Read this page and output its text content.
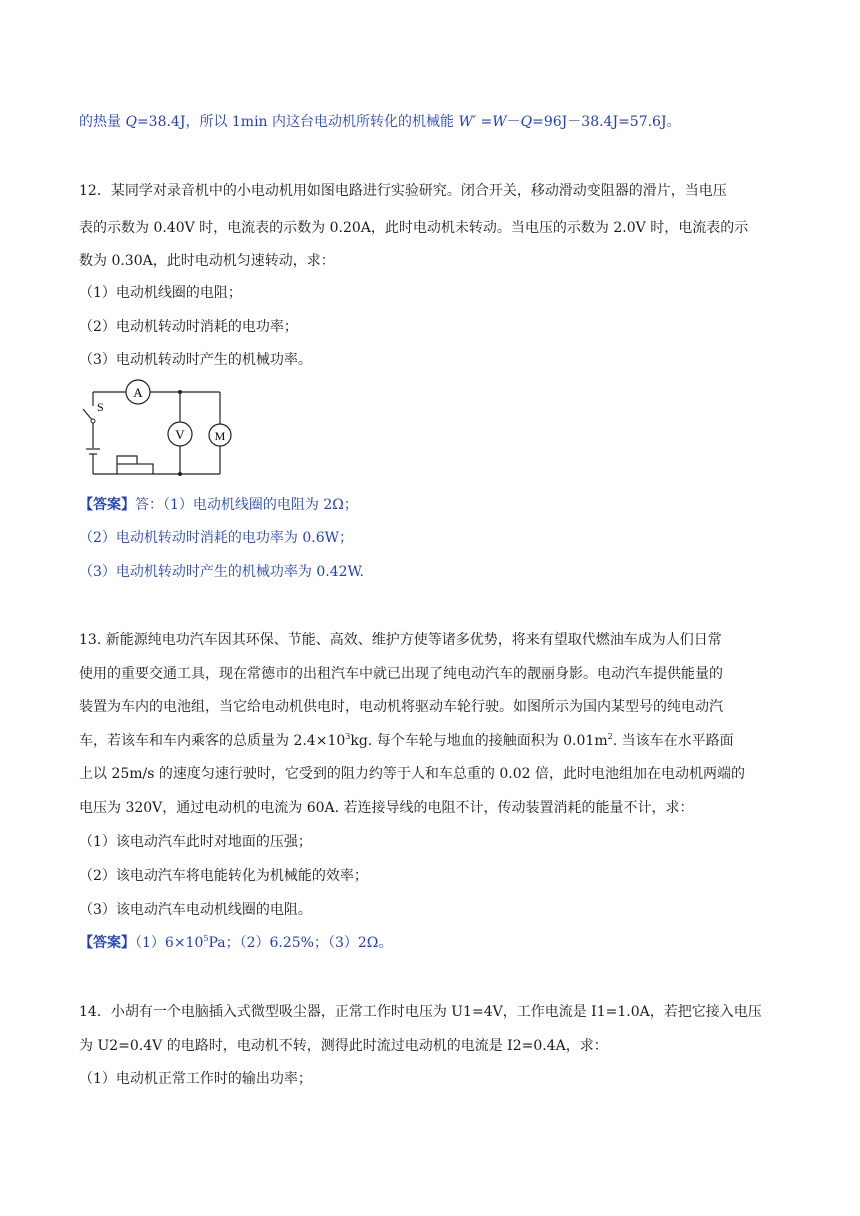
的热量 Q=38.4J，所以 1min 内这台电动机所转化的机械能 W′ =W－Q=96J－38.4J=57.6J。
12．某同学对录音机中的小电动机用如图电路进行实验研究。闭合开关，移动滑动变阻器的滑片，当电压
表的示数为 0.40V 时，电流表的示数为 0.20A，此时电动机未转动。当电压的示数为 2.0V 时，电流表的示
数为 0.30A，此时电动机匀速转动，求：
（1）电动机线圈的电阻；
（2）电动机转动时消耗的电功率；
（3）电动机转动时产生的机械功率。
A
V M
S
【答案】答：（1）电动机线圈的电阻为 2Ω；
（2）电动机转动时消耗的电功率为 0.6W；
（3）电动机转动时产生的机械功率为 0.42W.
13. 新能源纯电功汽车因其环保、节能、高效、维护方使等诸多优势，将来有望取代燃油车成为人们日常
使用的重要交通工具，现在常德市的出租汽车中就已出现了纯电动汽车的靓丽身影。电动汽车提供能量的
装置为车内的电池组，当它给电动机供电时，电动机将驱动车轮行驶。如图所示为国内某型号的纯电动汽
车，若该车和车内乘客的总质量为 $2.4\times 10^3kg$. 每个车轮与地血的接触面积为 $0.01m^2$. 当该车在水平路面
上以 25m/s 的速度匀速行驶时，它受到的阻力约等于人和车总重的 0.02 倍，此时电池组加在电动机两端的
电压为 320V，通过电动机的电流为 60A. 若连接导线的电阻不计，传动装置消耗的能量不计，求：
（1）该电动汽车此时对地面的压强；
（2）该电动汽车将电能转化为机械能的效率；
（3）该电动汽车电动机线圈的电阻。
【答案】$(1)6\times 10^5Pa$；（2）6.25%；（3）2Ω。
14．小胡有一个电脑插入式微型吸尘器，正常工作时电压为 U1=4V，工作电流是 I1=1.0A，若把它接入电压
为 U2=0.4V 的电路时，电动机不转，测得此时流过电动机的电流是 I2=0.4A，求：
（1）电动机正常工作时的输出功率；
